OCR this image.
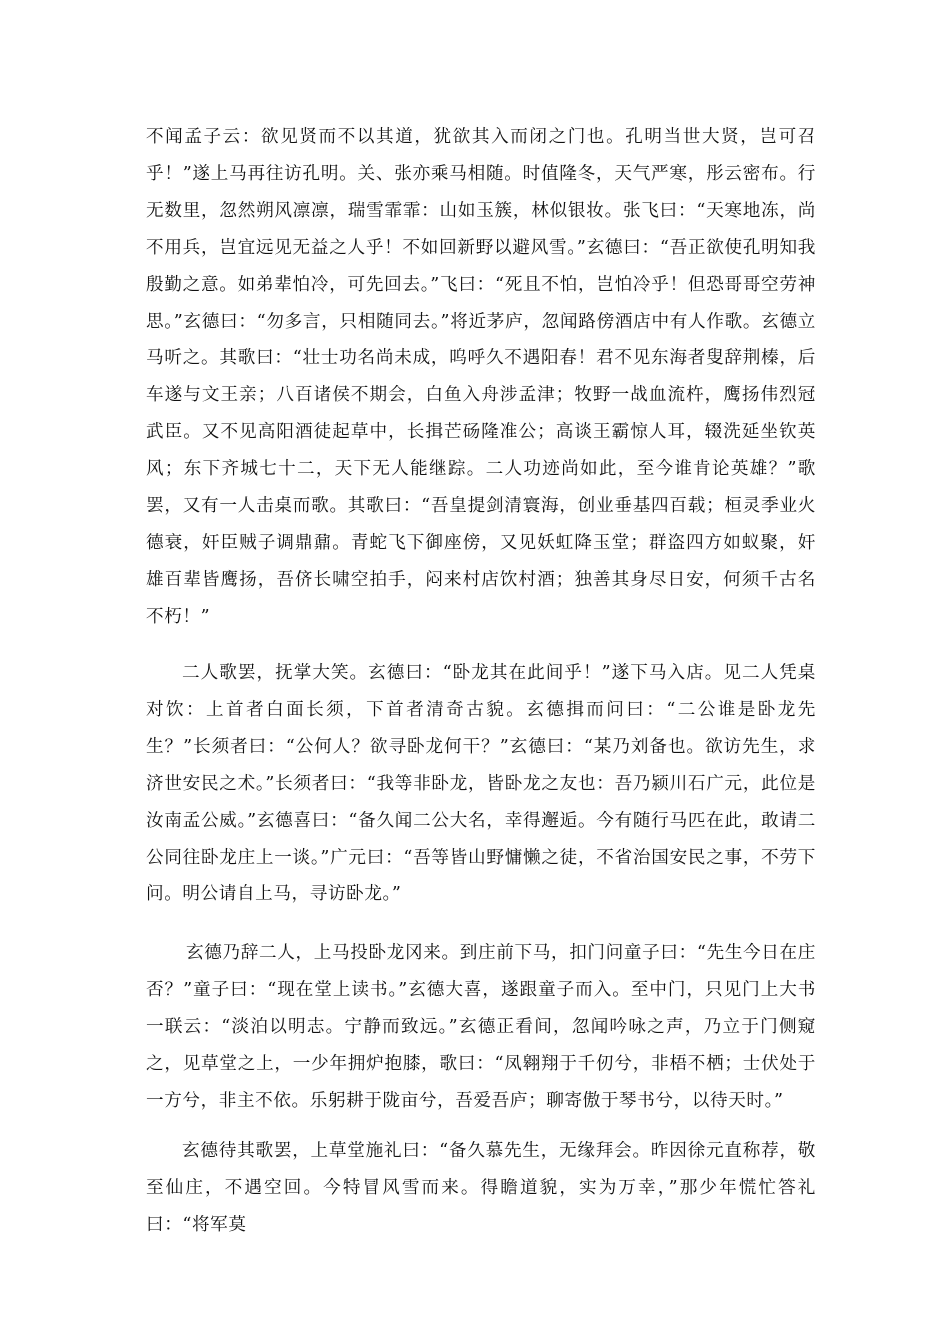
不闻孟子云：欲见贤而不以其道，犹欲其入而闭之门也。孔明当世大贤，岂可召乎！”遂上马再往访孔明。关、张亦乘马相随。时值隆冬，天气严寒，彤云密布。行无数里，忽然朔风凛凛，瑞雪霏霏：山如玉簇，林似银妆。张飞曰：“天寒地冻，尚不用兵，岂宜远见无益之人乎！不如回新野以避风雪。”玄德曰：“吾正欲使孔明知我殷勤之意。如弟辈怕冷，可先回去。”飞曰：“死且不怕，岂怕冷乎！但恐哥哥空劳神思。”玄德曰：“勿多言，只相随同去。”将近茅庐，忽闻路傍酒店中有人作歌。玄德立马听之。其歌曰：“壮士功名尚未成，呜呼久不遇阳春！君不见东海者叟辞荆榛，后车遂与文王亲；八百诸侯不期会，白鱼入舟涉孟津；牧野一战血流杵，鹰扬伟烈冠武臣。又不见高阳酒徒起草中，长揖芒砀隆准公；高谈王霸惊人耳，辍洗延坐钦英风；东下齐城七十二，天下无人能继踪。二人功迹尚如此，至今谁肯论英雄？”歌罢，又有一人击桌而歌。其歌曰：“吾皇提剑清寰海，创业垂基四百载；桓灵季业火德衰，奸臣贼子调鼎鼐。青蛇飞下御座傍，又见妖虹降玉堂；群盗四方如蚁聚，奸雄百辈皆鹰扬，吾侪长啸空拍手，闷来村店饮村酒；独善其身尽日安，何须千古名不朽！”

二人歌罢，抚掌大笑。玄德曰：“卧龙其在此间乎！”遂下马入店。见二人凭桌对饮：上首者白面长须，下首者清奇古貌。玄德揖而问曰：“二公谁是卧龙先生？”长须者曰：“公何人？欲寻卧龙何干？”玄德曰：“某乃刘备也。欲访先生，求济世安民之术。”长须者曰：“我等非卧龙，皆卧龙之友也：吾乃颍川石广元，此位是汝南孟公威。”玄德喜曰：“备久闻二公大名，幸得邂逅。今有随行马匹在此，敢请二公同往卧龙庄上一谈。”广元曰：“吾等皆山野慵懒之徒，不省治国安民之事，不劳下问。明公请自上马，寻访卧龙。”

玄德乃辞二人，上马投卧龙冈来。到庄前下马，扣门问童子曰：“先生今日在庄否？”童子曰：“现在堂上读书。”玄德大喜，遂跟童子而入。至中门，只见门上大书一联云：“淡泊以明志。宁静而致远。”玄德正看间，忽闻吟咏之声，乃立于门侧窥之，见草堂之上，一少年拥炉抱膝，歌曰：“凤翱翔于千仞兮，非梧不栖；士伏处于一方兮，非主不依。乐躬耕于陇亩兮，吾爱吾庐；聊寄傲于琴书兮，以待天时。”

玄德待其歌罢，上草堂施礼曰：“备久慕先生，无缘拜会。昨因徐元直称荐，敬至仙庄，不遇空回。今特冒风雪而来。得瞻道貌，实为万幸，”那少年慌忙答礼曰：“将军莫
